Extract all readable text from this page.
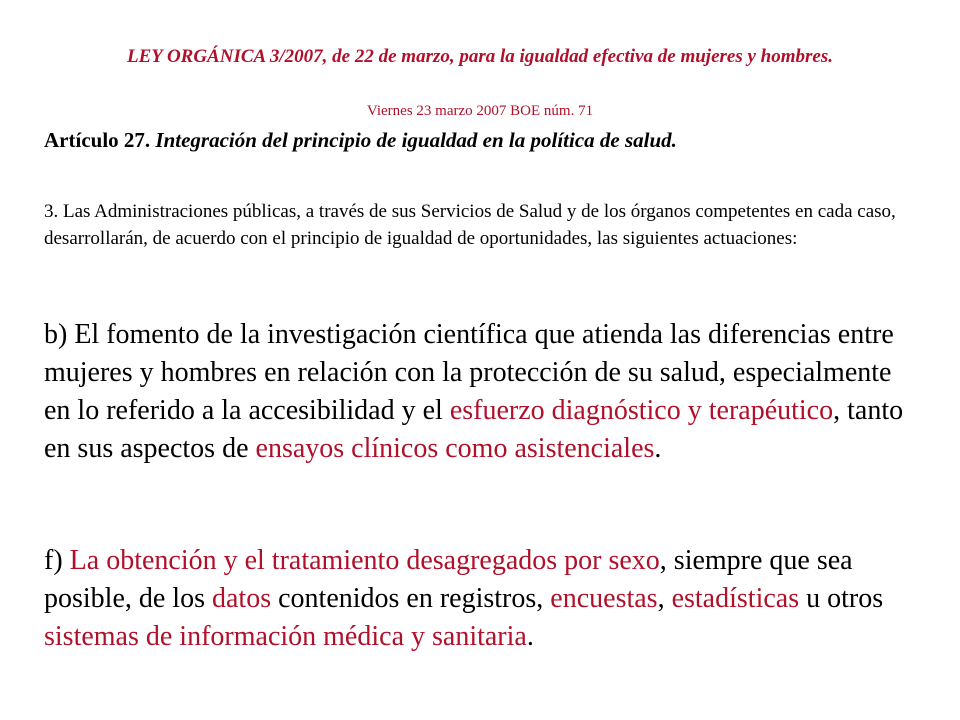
LEY ORGÁNICA 3/2007, de 22 de marzo, para la igualdad efectiva de mujeres y hombres.

Viernes 23 marzo 2007 BOE núm. 71

Artículo 27. Integración del principio de igualdad en la política de salud.

3. Las Administraciones públicas, a través de sus Servicios de Salud y de los órganos competentes en cada caso, desarrollarán, de acuerdo con el principio de igualdad de oportunidades, las siguientes actuaciones:

b) El fomento de la investigación científica que atienda las diferencias entre mujeres y hombres en relación con la protección de su salud, especialmente en lo referido a la accesibilidad y el esfuerzo diagnóstico y terapéutico, tanto en sus aspectos de ensayos clínicos como asistenciales.

f) La obtención y el tratamiento desagregados por sexo, siempre que sea posible, de los datos contenidos en registros, encuestas, estadísticas u otros sistemas de información médica y sanitaria.
